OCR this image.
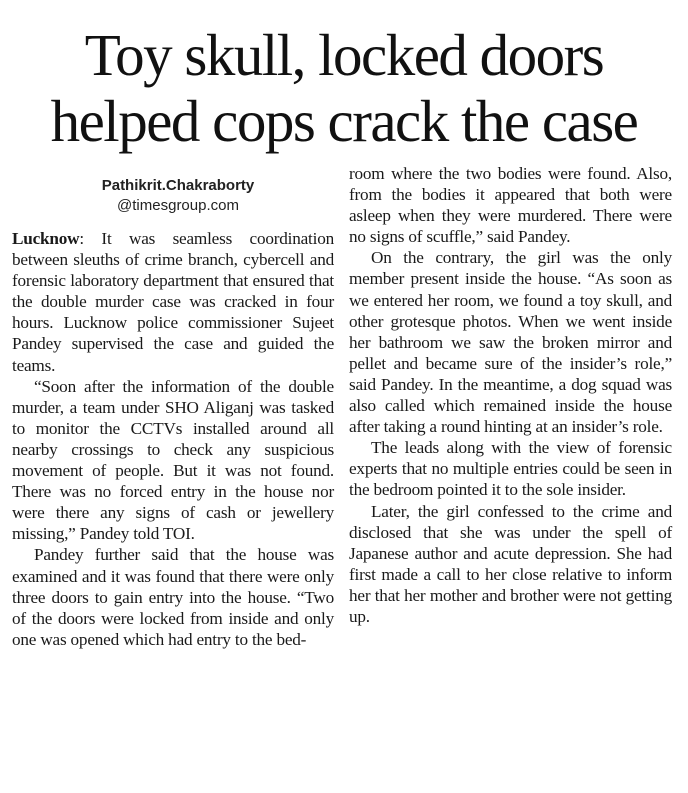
Toy skull, locked doors
helped cops crack the case
Pathikrit.Chakraborty
@timesgroup.com

Lucknow: It was seamless coordination between sleuths of crime branch, cybercell and forensic laboratory department that ensured that the double murder case was cracked in four hours. Lucknow police commissioner Sujeet Pandey supervised the case and guided the teams.

“Soon after the information of the double murder, a team under SHO Aliganj was tasked to monitor the CCTVs installed around all nearby crossings to check any suspicious movement of people. But it was not found. There was no forced entry in the house nor were there any signs of cash or jewellery missing,” Pandey told TOI.

Pandey further said that the house was examined and it was found that there were only three doors to gain entry into the house. “Two of the doors were locked from inside and only one was opened which had entry to the bed-

room where the two bodies were found. Also, from the bodies it appeared that both were asleep when they were murdered. There were no signs of scuffle,” said Pandey.

On the contrary, the girl was the only member present inside the house. “As soon as we entered her room, we found a toy skull, and other grotesque photos. When we went inside her bathroom we saw the broken mirror and pellet and became sure of the insider’s role,” said Pandey. In the meantime, a dog squad was also called which remained inside the house after taking a round hinting at an insider’s role.

The leads along with the view of forensic experts that no multiple entries could be seen in the bedroom pointed it to the sole insider.

Later, the girl confessed to the crime and disclosed that she was under the spell of Japanese author and acute depression. She had first made a call to her close relative to inform her that her mother and brother were not getting up.
